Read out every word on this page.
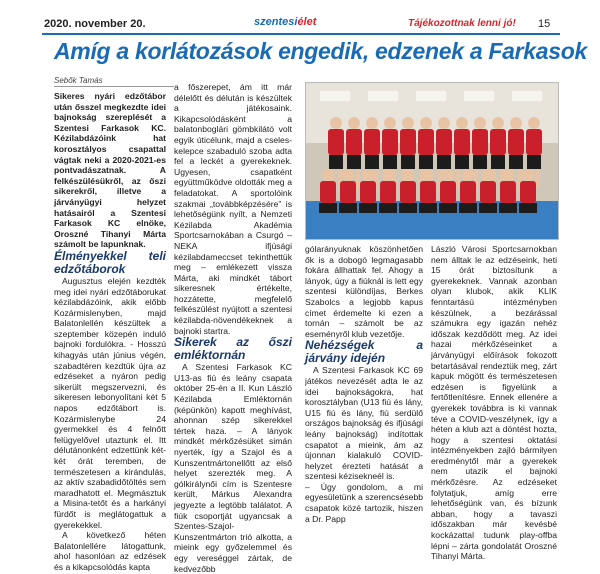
2020. november 20.	szentesiélet	Tájékozottnak lenni jó! 15
Amíg a korlátozások engedik, edzenek a Farkasok
Sebők Tamás

Sikeres nyári edzőtábor után ősszel megkezdte idei bajnokság szereplését a Szentesi Farkasok KC. Kézilabdázóink hat korosztályos csapattal vágtak neki a 2020-2021-es pontvadászatnak. A felkészülésükről, az őszi sikerekről, illetve a járványügyi helyzet hatásairól a Szentesi Farkasok KC elnöke, Oroszné Tihanyi Márta számolt be lapunknak.

Élményekkel teli edzőtáborok

Augusztus elején kezdték meg idei nyári edzőtáborukat kézilabdázóink, akik előbb Kozármislenyben, majd Balatonlellén készültek a szeptember közepén induló bajnoki fordulókra. - Hosszú kihagyás után június végén, szabadtéren kezdtük újra az edzéseket a nyáron pedig sikerült megszervezni, és sikeresen lebonyolítani két 5 napos edzőtábort is. Kozármislenybe 24 gyermekkel és 4 felnőtt felügyelővel utaztunk el. Itt délutánonként edzettünk két-két órát teremben, de természetesen a kirándulás, az aktív szabadidőtöltés sem maradhatott el. Megmásztuk a Misina-tetőt és a harkányi fürdőt is meglátogattuk a gyerekekkel.

A következő héten Balatonlellére látogattunk, ahol hasonlóan az edzések és a kikapcsolódás kapta

a főszerepet, ám itt már délelőtt és délután is készültek a játékosaink. Kikapcsolódásként a balatonboglári gömbkilátó volt egyik úticélunk, majd a cseles-kelepce szabaduló szoba adta fel a leckét a gyerekeknek. Ugyesen, csapatként együttműködve oldották meg a feladatokat. A sportolóink szakmai „továbbképzésére” is lehetőségünk nyílt, a Nemzeti Kézilabda Akadémia Sportcsarnokában a Csurgó – NEKA ifjúsági kézilabdameccset tekinthettük meg – emlékezett vissza Márta, aki mindkét tábort sikeresnek értékelte, hozzátette, megfelelő felkészülést nyújtott a szentesi kézilabda-növendékeknek a bajnoki startra.

Sikerek az őszi emléktornán

A Szentesi Farkasok KC U13-as fiú és leány csapata október 25-én a II. Kun László Kézilabda Emléktornán (képünkön) kapott meghívást, ahonnan szép sikerekkel tértek haza. – A lányok mindkét mérkőzésüket simán nyerték, így a Szajol és a Kunszentmártonellőtt az első helyet szerezték meg. A gólkirálynői cím is Szentesre került, Márkus Alexandra jegyezte a legtöbb találatot. A fiúk csoportját ugyancsak a Szentes-Szajol-Kunszentmárton trió alkotta, a mieink egy győzelemmel és egy vereséggel zártak, de kedvezőbb

gólarányuknak köszönhetően ők is a dobogó legmagasabb fokára állhattak fel. Ahogy a lányok, úgy a fiúknál is lett egy szentesi különdíjas, Berkes Szabolcs a legjobb kapus címet érdemelte ki ezen a tornán – számolt be az eseményről klub vezetője.

Nehézségek a járvány idején

A Szentesi Farkasok KC 69 játékos nevezését adta le az idei bajnokságokra, hat korosztályban (U13 fiú és lány, U15 fiú és lány, fiú serdülő országos bajnokság és ifjúsági leány bajnokság) indítottak csapatot a mieink, ám az újonnan kialakuló COVID-helyzet érezteti hatását a szentesi kézisekneél is.
– Úgy gondolom, a mi egyesületünk a szerencsésebb csapatok közé tartozik, hiszen a Dr. Papp

László Városi Sportcsarnokban nem álltak le az edzéseink, heti 15 órát biztosítunk a gyerekeknek. Vannak azonban olyan klubok, akik KLIK fenntartású intézményben készülnek, a bezárással számukra egy igazán nehéz időszak kezdődött meg. Az idei hazai mérkőzéseinket a járványügyi előírások fokozott betartásával rendeztük meg, zárt kapuk mögött és természetesen edzésen is figyelünk a fertőtlenítésre. Ennek ellenére a gyerekek továbbra is ki vannak téve a COVID-veszélynek, így a héten a klub azt a döntést hozta, hogy a szentesi oktatási intézményekben zajló bármilyen eredménytől már a gyerekek nem utazik el bajnoki mérkőzésre. Az edzéseket folytatjuk, amíg erre lehetőségünk van, és bízunk abban, hogy a tavaszi időszakban már kevésbé kockázattal tudunk play-offba lépni – zárta gondolatát Oroszné Tihanyi Márta.
